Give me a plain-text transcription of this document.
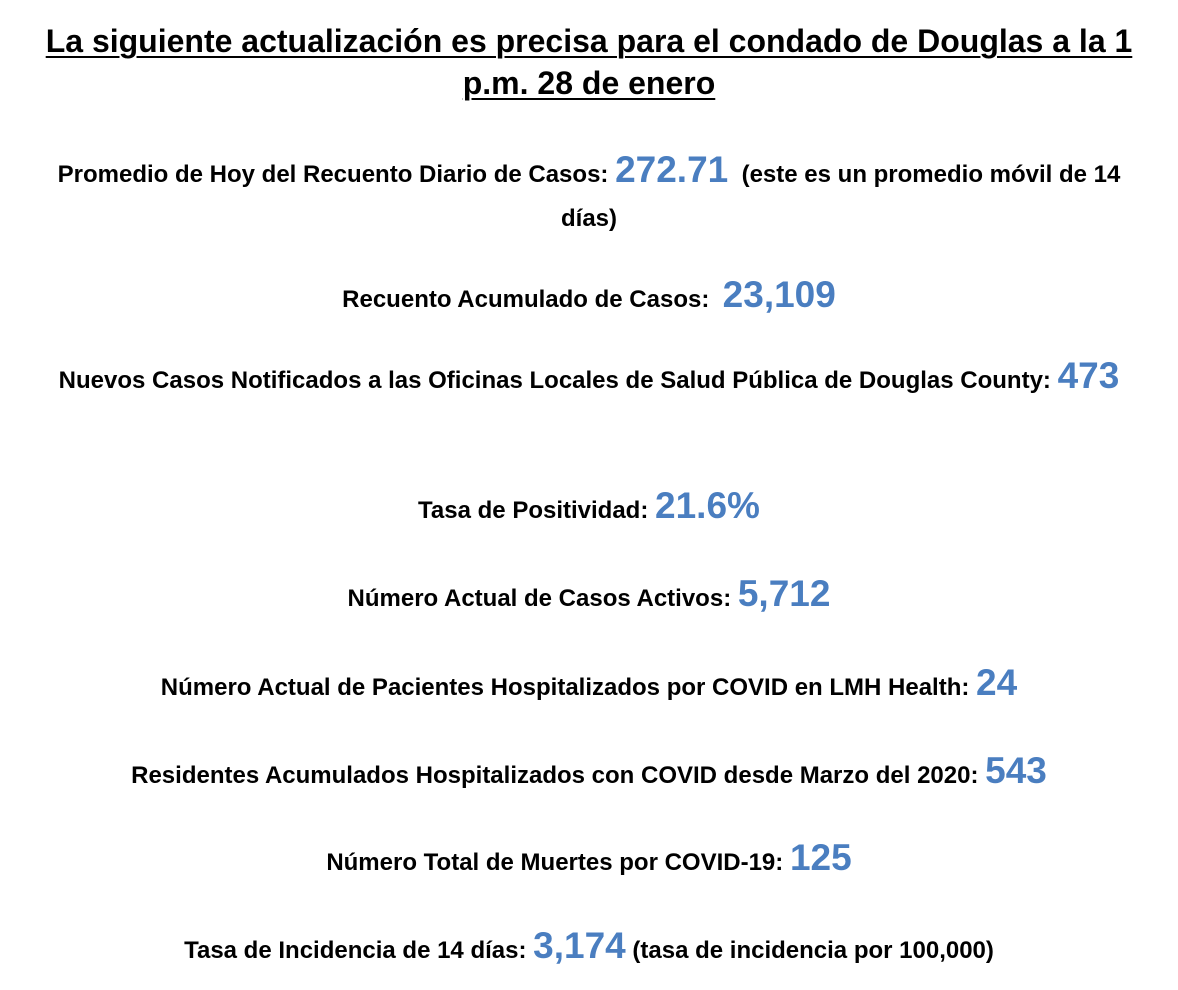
La siguiente actualización es precisa para el condado de Douglas a la 1 p.m. 28 de enero

Promedio de Hoy del Recuento Diario de Casos: 272.71 (este es un promedio móvil de 14 días)

Recuento Acumulado de Casos: 23,109

Nuevos Casos Notificados a las Oficinas Locales de Salud Pública de Douglas County: 473

Tasa de Positividad: 21.6%

Número Actual de Casos Activos: 5,712

Número Actual de Pacientes Hospitalizados por COVID en LMH Health: 24

Residentes Acumulados Hospitalizados con COVID desde Marzo del 2020: 543

Número Total de Muertes por COVID-19: 125

Tasa de Incidencia de 14 días: 3,174 (tasa de incidencia por 100,000)
